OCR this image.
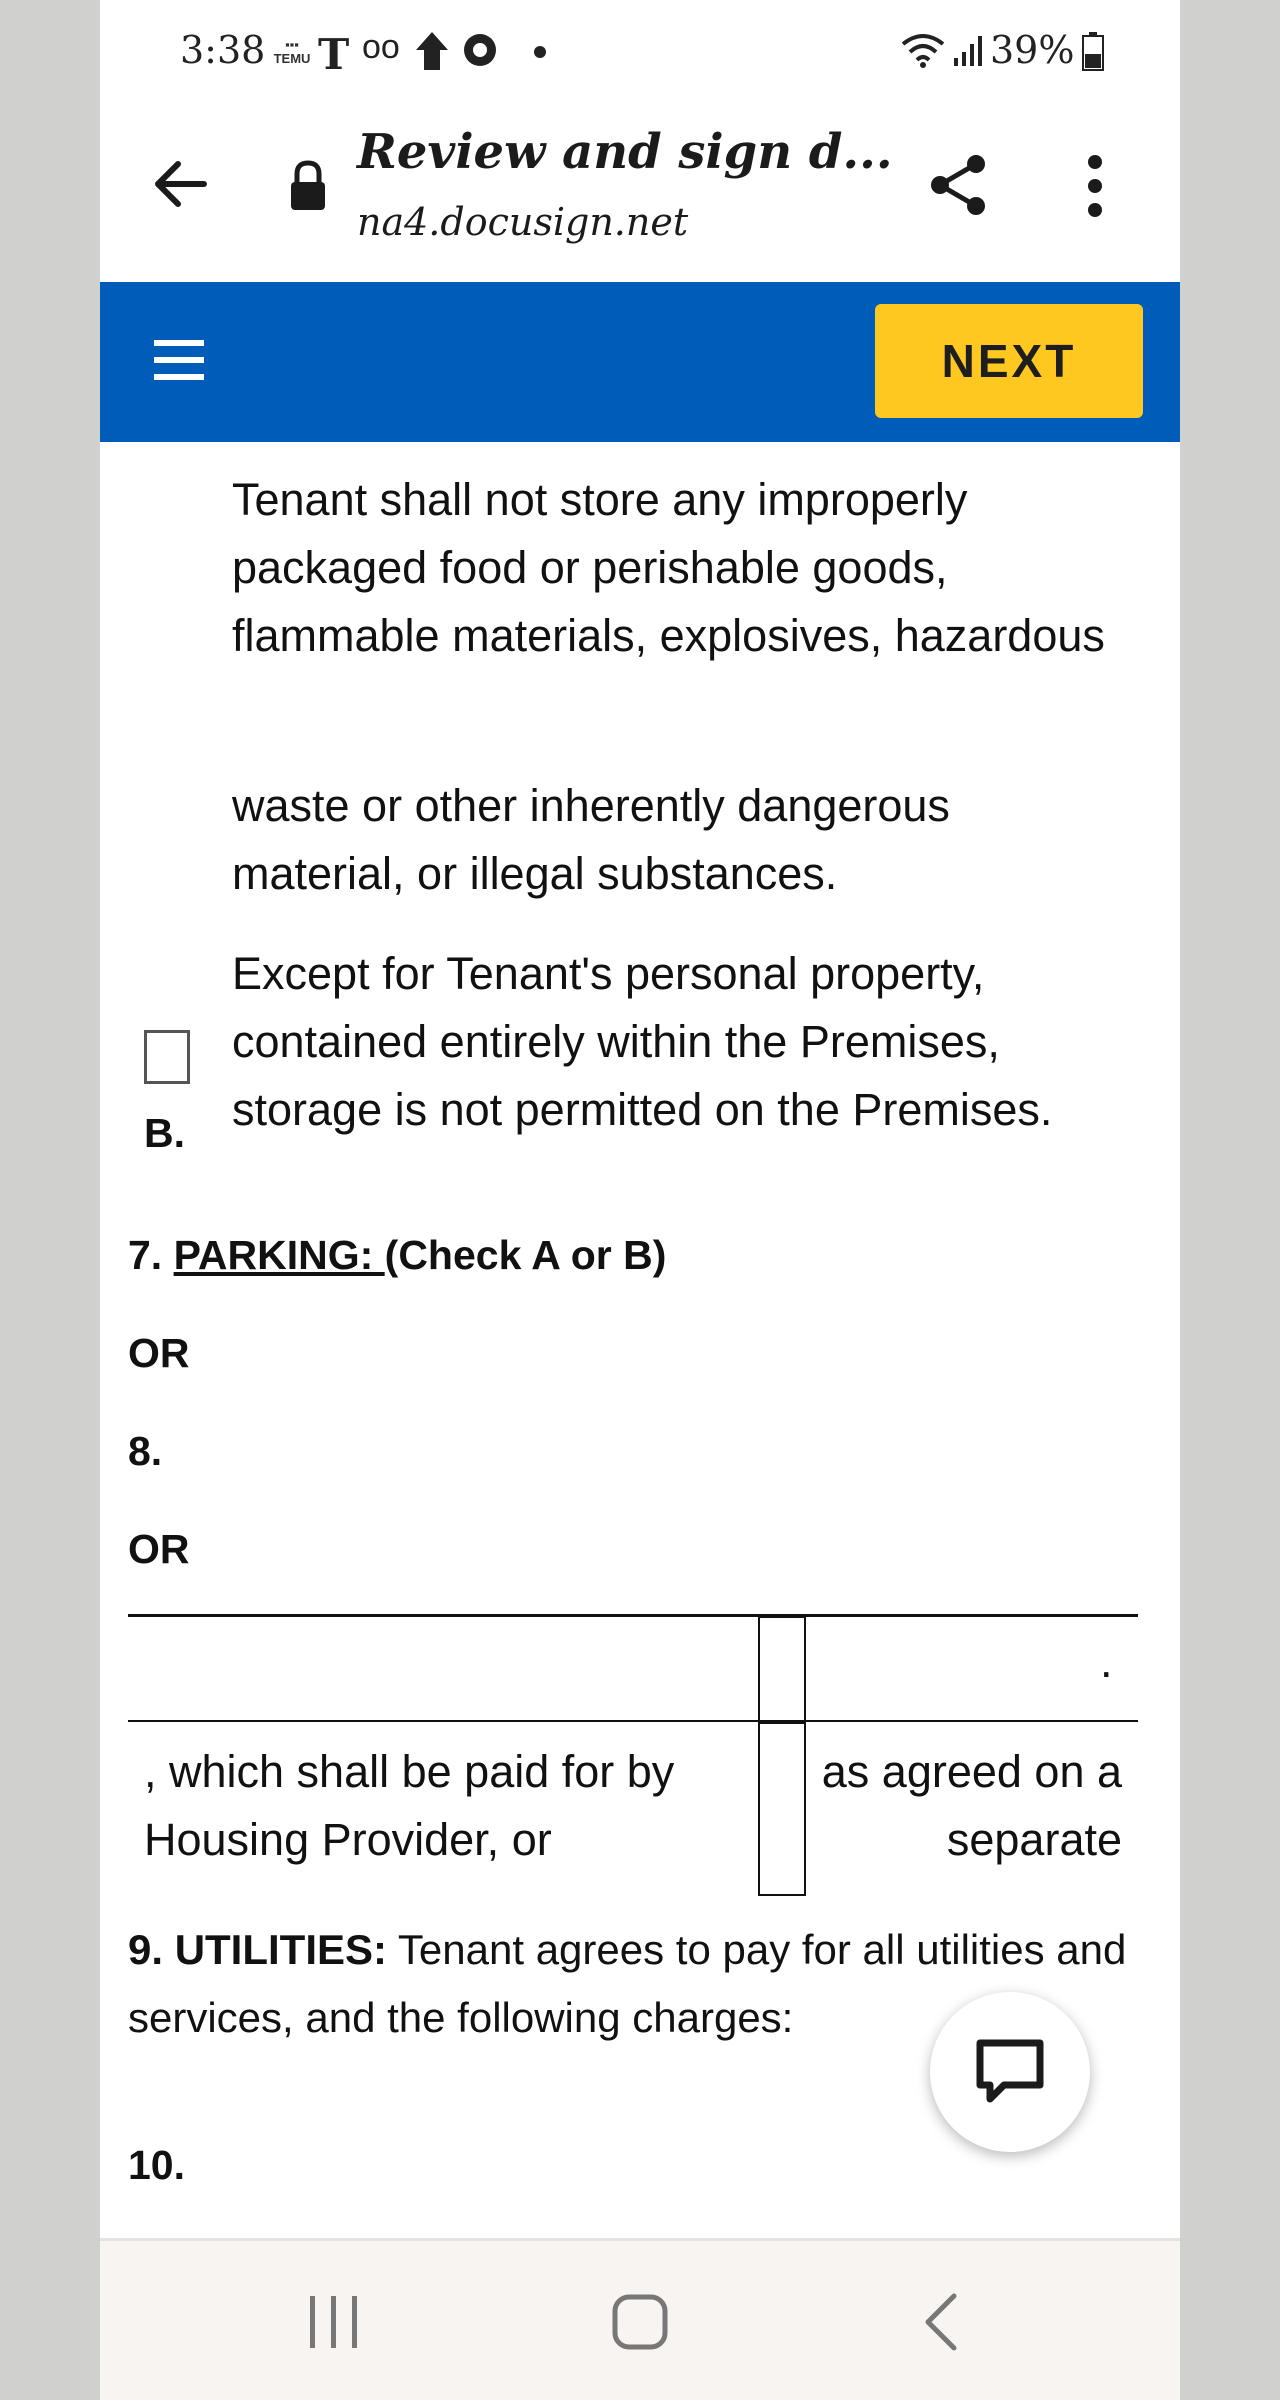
3:38	▪▪▪
TEMU T oo	39%
Review and sign d...
na4.docusign.net
NEXT
Tenant shall not store any improperly packaged food or perishable goods, flammable materials, explosives, hazardous
waste or other inherently dangerous material, or illegal substances.
B.
Except for Tenant's personal property, contained entirely within the Premises, storage is not permitted on the Premises.
7. PARKING: (Check A or B)
OR
8.
OR
.
, which shall be paid for by Housing Provider, or
as agreed on a separate
9. UTILITIES: Tenant agrees to pay for all utilities and services, and the following charges:
10.
